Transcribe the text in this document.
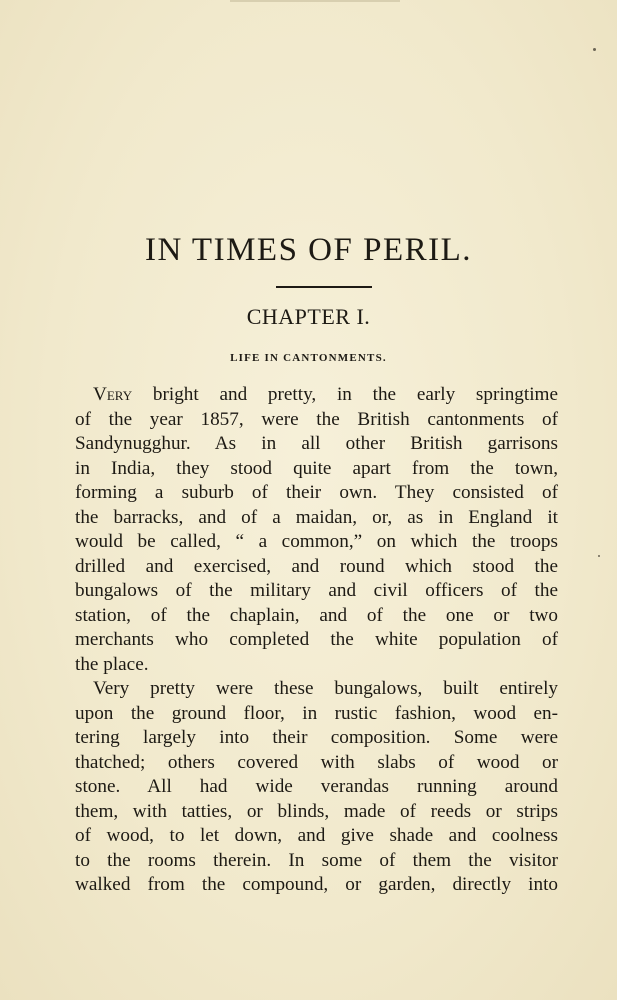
IN TIMES OF PERIL.
CHAPTER I.
LIFE IN CANTONMENTS.
Very bright and pretty, in the early springtime
of the year 1857, were the British cantonments of
Sandynugghur. As in all other British garrisons
in India, they stood quite apart from the town,
forming a suburb of their own. They consisted of
the barracks, and of a maidan, or, as in England it
would be called, “ a common,” on which the troops
drilled and exercised, and round which stood the
bungalows of the military and civil officers of the
station, of the chaplain, and of the one or two
merchants who completed the white population of
the place.
Very pretty were these bungalows, built entirely
upon the ground floor, in rustic fashion, wood en-
tering largely into their composition. Some were
thatched; others covered with slabs of wood or
stone. All had wide verandas running around
them, with tatties, or blinds, made of reeds or strips
of wood, to let down, and give shade and coolness
to the rooms therein. In some of them the visitor
walked from the compound, or garden, directly into
